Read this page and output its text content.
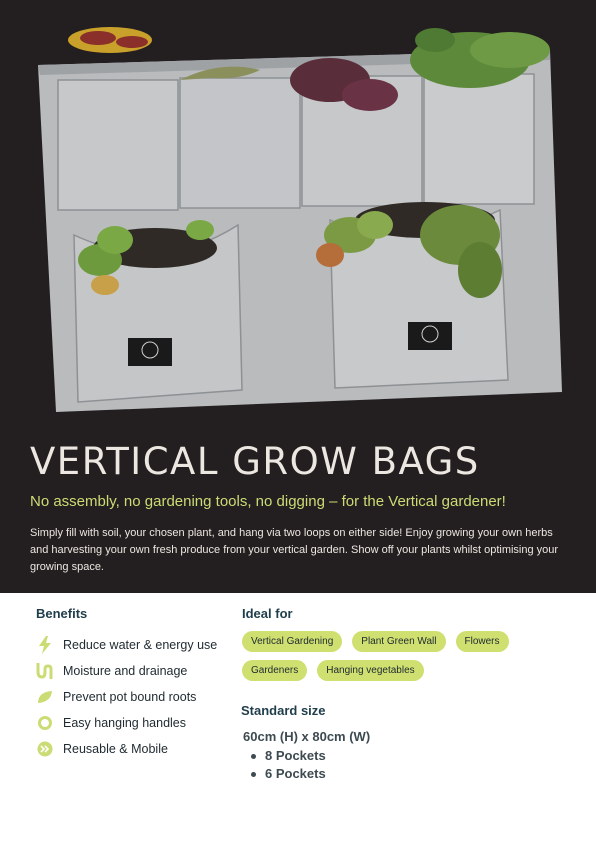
VERTICAL GROW BAGS
No assembly, no gardening tools, no digging – for the Vertical gardener!

Simply fill with soil, your chosen plant, and hang via two loops on either side! Enjoy growing your own herbs and harvesting your own fresh produce from your vertical garden. Show off your plants whilst optimising your growing space.

Benefits
Reduce water & energy use
Moisture and drainage
Prevent pot bound roots
Easy hanging handles
Reusable & Mobile
Ideal for
Vertical Gardening	Plant Green Wall	Flowers
Gardeners	Hanging vegetables
Standard size
60cm (H) x 80cm (W)
8 Pockets
6 Pockets
